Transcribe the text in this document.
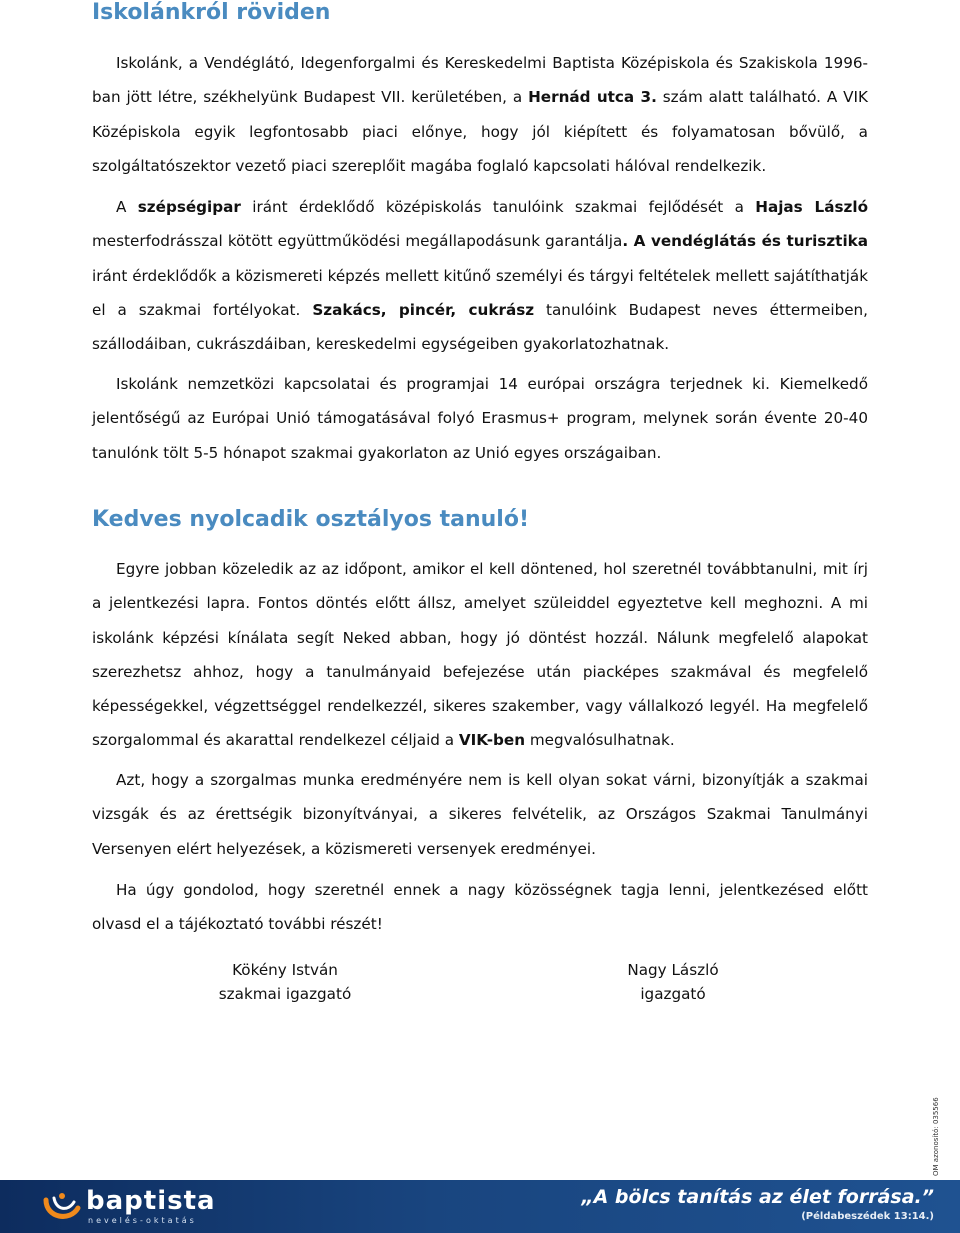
Iskolánkról röviden

Iskolánk, a Vendéglátó, Idegenforgalmi és Kereskedelmi Baptista Középiskola és Szakiskola 1996-ban jött létre, székhelyünk Budapest VII. kerületében, a Hernád utca 3. szám alatt található. A VIK Középiskola egyik legfontosabb piaci előnye, hogy jól kiépített és folyamatosan bővülő, a szolgáltatószektor vezető piaci szereplőit magába foglaló kapcsolati hálóval rendelkezik.

A szépségipar iránt érdeklődő középiskolás tanulóink szakmai fejlődését a Hajas László mesterfodrásszal kötött együttműködési megállapodásunk garantálja. A vendéglátás és turisztika iránt érdeklődők a közismereti képzés mellett kitűnő személyi és tárgyi feltételek mellett sajátíthatják el a szakmai fortélyokat. Szakács, pincér, cukrász tanulóink Budapest neves éttermeiben, szállodáiban, cukrászdáiban, kereskedelmi egységeiben gyakorlatozhatnak.

Iskolánk nemzetközi kapcsolatai és programjai 14 európai országra terjednek ki. Kiemelkedő jelentőségű az Európai Unió támogatásával folyó Erasmus+ program, melynek során évente 20-40 tanulónk tölt 5-5 hónapot szakmai gyakorlaton az Unió egyes országaiban.

Kedves nyolcadik osztályos tanuló!

Egyre jobban közeledik az az időpont, amikor el kell döntened, hol szeretnél továbbtanulni, mit írj a jelentkezési lapra. Fontos döntés előtt állsz, amelyet szüleiddel egyeztetve kell meghozni. A mi iskolánk képzési kínálata segít Neked abban, hogy jó döntést hozzál. Nálunk megfelelő alapokat szerezhetsz ahhoz, hogy a tanulmányaid befejezése után piacképes szakmával és megfelelő képességekkel, végzettséggel rendelkezzél, sikeres szakember, vagy vállalkozó legyél. Ha megfelelő szorgalommal és akarattal rendelkezel céljaid a VIK-ben megvalósulhatnak.

Azt, hogy a szorgalmas munka eredményére nem is kell olyan sokat várni, bizonyítják a szakmai vizsgák és az érettségik bizonyítványai, a sikeres felvételik, az Országos Szakmai Tanulmányi Versenyen elért helyezések, a közismereti versenyek eredményei.

Ha úgy gondolod, hogy szeretnél ennek a nagy közösségnek tagja lenni, jelentkezésed előtt olvasd el a tájékoztató további részét!

Kökény István
szakmai igazgató
Nagy László
igazgató
OM azonosító: 035566
baptista
nevelés-oktatás
„A bölcs tanítás az élet forrása.”
(Példabeszédek 13:14.)
